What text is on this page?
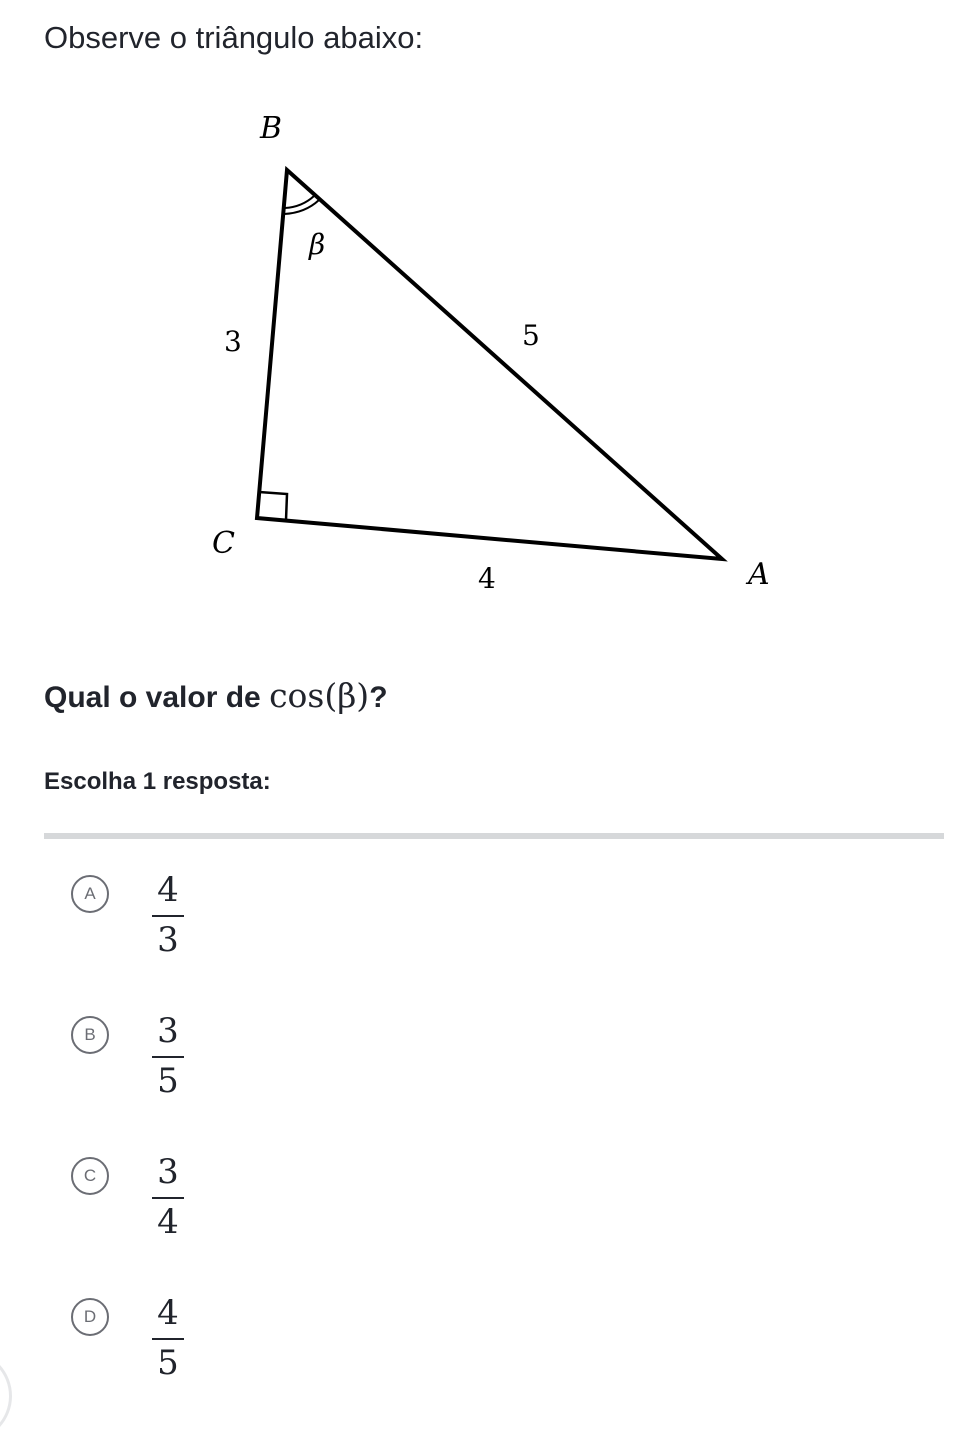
Observe o triângulo abaixo:
B
C
A
β
3	5
4
Qual o valor de cos(β)?
Escolha 1 resposta:
A	4
3
B	3
5
C	3
4
D	4
5
